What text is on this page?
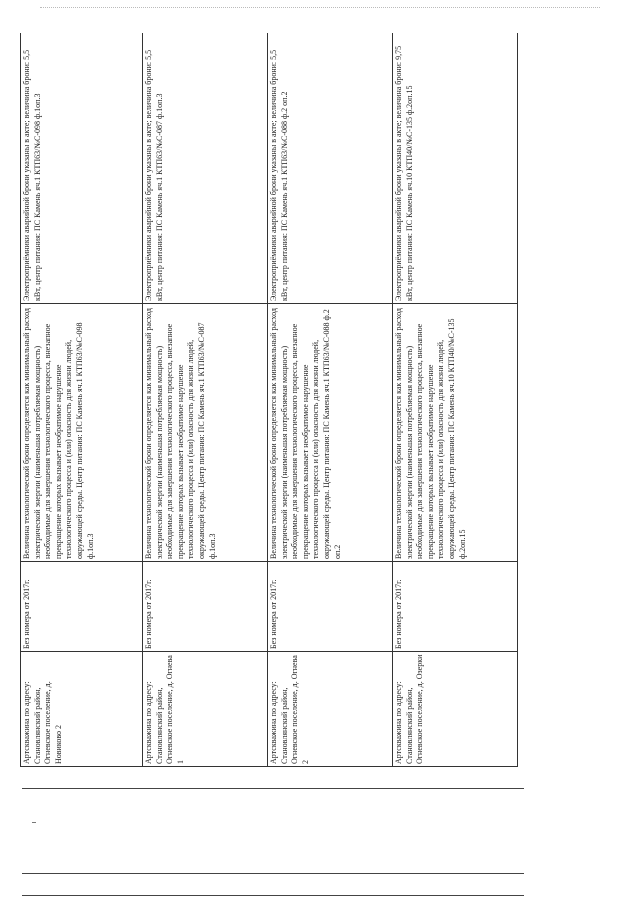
Артскважина по адресу: Становлянский район, Огневское поселение, д. Новиково 2	Без номера от 2017г.	Величина технологической брони определяется как минимальный расход электрической энергии (наименьшая потребляемая мощность) необходимые для завершения технологического процесса, внезапное прекращение которых вызывает необратимое нарушение технологического процесса и (или) опасность для жизни людей, окружающей среды. Центр питания: ПС Камень яч.1 КТП63/№С-098 ф.1оп.3	Электроприёмники аварийной брони указаны в акте; величина брони: 5,5 кВт, центр питания: ПС Камень яч.1 КТП63/№С-098 ф.1оп.3
Артскважина по адресу: Становлянский район, Огневское поселение, д. Огнева 1	Без номера от 2017г.	Величина технологической брони определяется как минимальный расход электрической энергии (наименьшая потребляемая мощность) необходимые для завершения технологического процесса, внезапное прекращение которых вызывает необратимое нарушение технологического процесса и (или) опасность для жизни людей, окружающей среды. Центр питания: ПС Камень яч.1 КТП63/№С-087 ф.1оп.3	Электроприёмники аварийной брони указаны в акте; величина брони: 5,5 кВт, центр питания: ПС Камень яч.1 КТП63/№С-087 ф.1оп.3
Артскважина по адресу: Становлянский район, Огневское поселение, д. Огнева 2	Без номера от 2017г.	Величина технологической брони определяется как минимальный расход электрической энергии (наименьшая потребляемая мощность) необходимые для завершения технологического процесса, внезапное прекращение которых вызывает необратимое нарушение технологического процесса и (или) опасность для жизни людей, окружающей среды. Центр питания: ПС Камень яч.1 КТП63/№С-088 ф.2 оп.2	Электроприёмники аварийной брони указаны в акте; величина брони: 5,5 кВт, центр питания: ПС Камень яч.1 КТП63/№С-088 ф.2 оп.2
Артскважина по адресу: Становлянский район, Огневское поселение, д. Озерки	Без номера от 2017г.	Величина технологической брони определяется как минимальный расход электрической энергии (наименьшая потребляемая мощность) необходимые для завершения технологического процесса, внезапное прекращение которых вызывает необратимое нарушение технологического процесса и (или) опасность для жизни людей, окружающей среды. Центр питания: ПС Камень яч.10 КТП40/№С-135 ф.2оп.15	Электроприёмники аварийной брони указаны в акте; величина брони: 9,75 кВт, центр питания: ПС Камень яч.10 КТП40/№С-135 ф.2оп.15
